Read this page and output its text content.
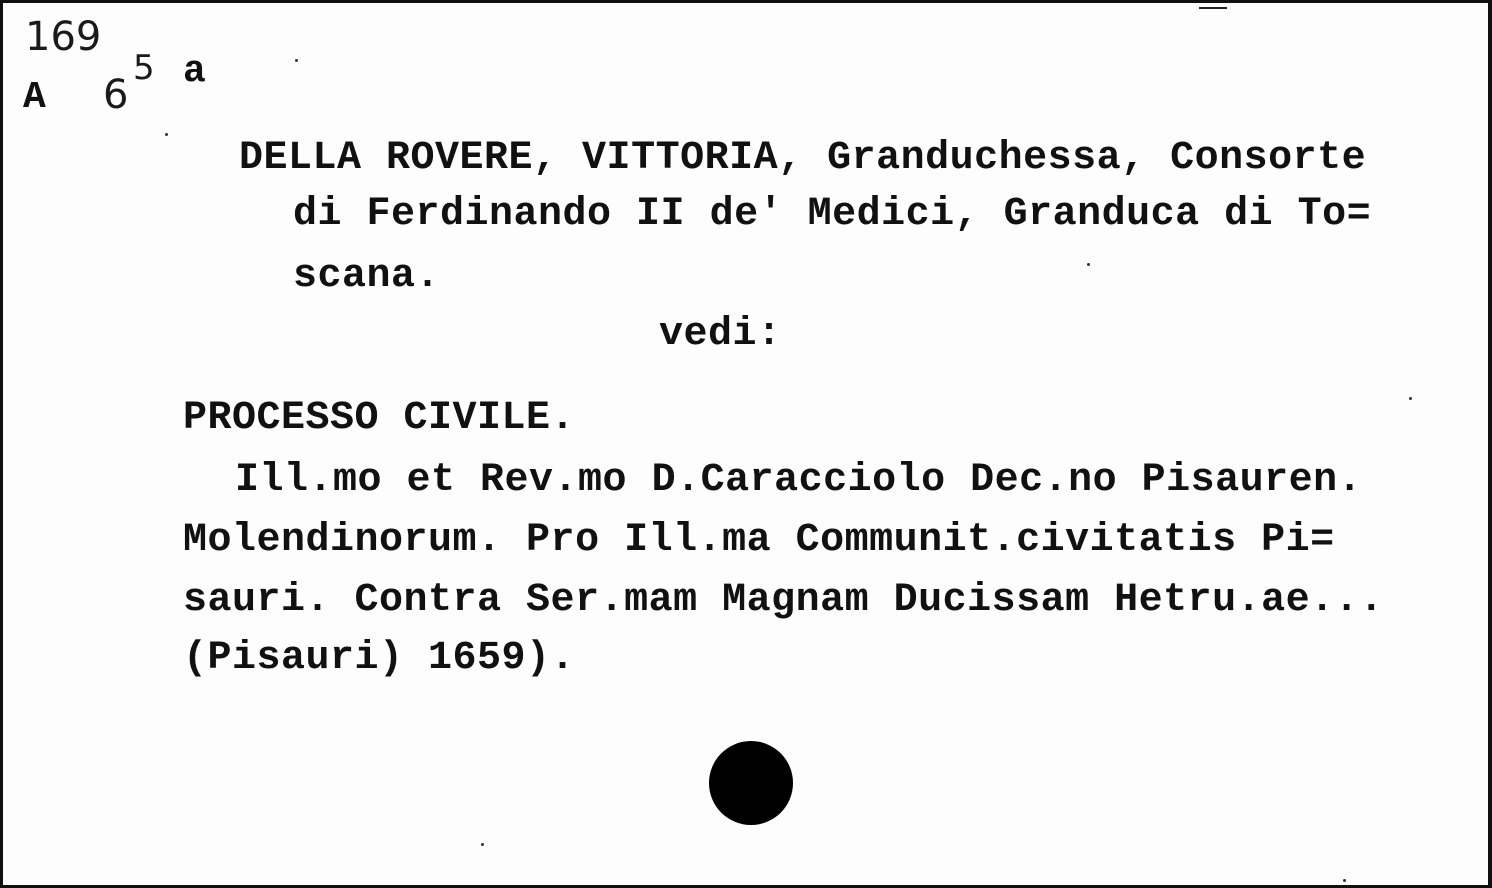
169
A 6
5 a
DELLA ROVERE, VITTORIA, Granduchessa, Consorte
di Ferdinando II de' Medici, Granduca di To=
scana.
vedi:
PROCESSO CIVILE.
Ill.mo et Rev.mo D.Caracciolo Dec.no Pisauren.
Molendinorum. Pro Ill.ma Communit.civitatis Pi=
sauri. Contra Ser.mam Magnam Ducissam Hetru.ae...
(Pisauri) 1659).
